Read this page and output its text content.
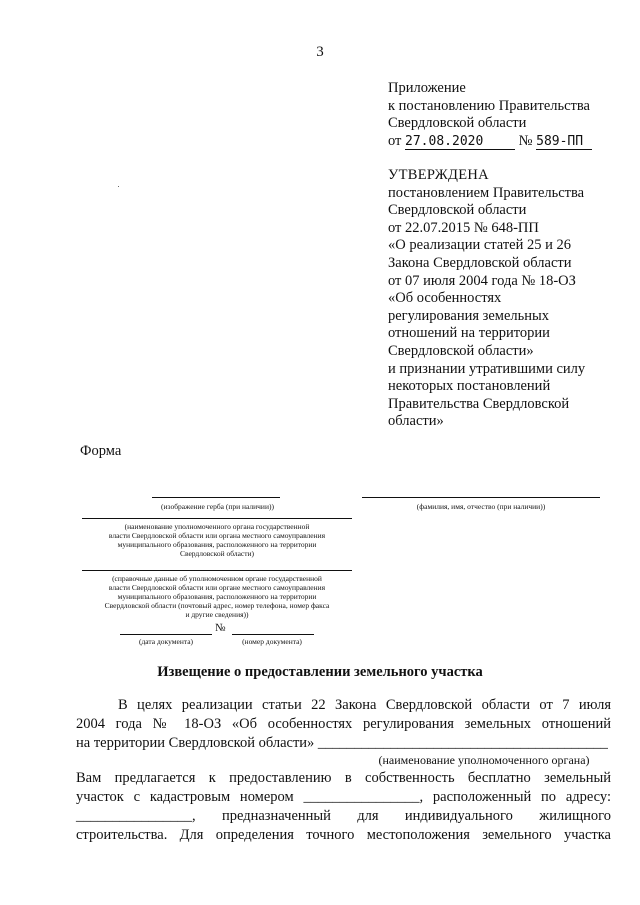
3
Приложение
к постановлению Правительства
Свердловской области
от 27.08.2020 № 589-ПП
УТВЕРЖДЕНА
постановлением Правительства
Свердловской области
от 22.07.2015 № 648-ПП
«О реализации статей 25 и 26
Закона Свердловской области
от 07 июля 2004 года № 18-ОЗ
«Об особенностях
регулирования земельных
отношений на территории
Свердловской области»
и признании утратившими силу
некоторых постановлений
Правительства Свердловской
области»
Форма
(изображение герба (при наличии))	(фамилия, имя, отчество (при наличии))
(наименование уполномоченного органа государственной
власти Свердловской области или органа местного самоуправления
муниципального образования, расположенного на территории
Свердловской области)
(справочные данные об уполномоченном органе государственной
власти Свердловской области или органе местного самоуправления
муниципального образования, расположенного на территории
Свердловской области (почтовый адрес, номер телефона, номер факса
и другие сведения))
№
(дата документа)	(номер документа)
Извещение о предоставлении земельного участка
В целях реализации статьи 22 Закона Свердловской области от 7 июля
2004 года № 18-ОЗ «Об особенностях регулирования земельных отношений
на территории Свердловской области» ________________________________________
(наименование уполномоченного органа)
Вам предлагается к предоставлению в собственность бесплатно земельный
участок с кадастровым номером ________________, расположенный по адресу:
________________, предназначенный для индивидуального жилищного
строительства. Для определения точного местоположения земельного участка
